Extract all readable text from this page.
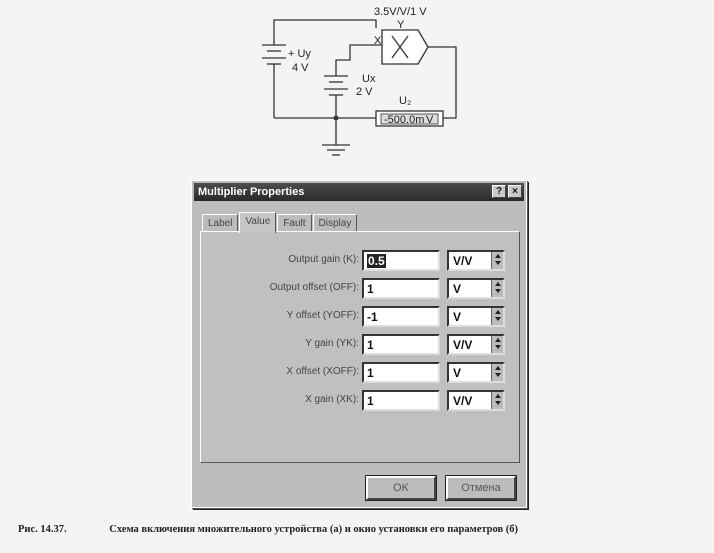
3.5V/V/1 V
Y
X
+ Uy
4 V
Ux
2 V
U₂
-500.0m V
Multiplier Properties	?	×
Label	Value	Fault	Display
Output gain (K): 0.5	V/V
Output offset (OFF): 1	V
Y offset (YOFF): -1	V
Y gain (YK): 1	V/V
X offset (XOFF): 1	V
X gain (XK): 1	V/V
OK	Отмена
Рис. 14.37.	Схема включения множительного устройства (а) и окно установки его параметров (б)
